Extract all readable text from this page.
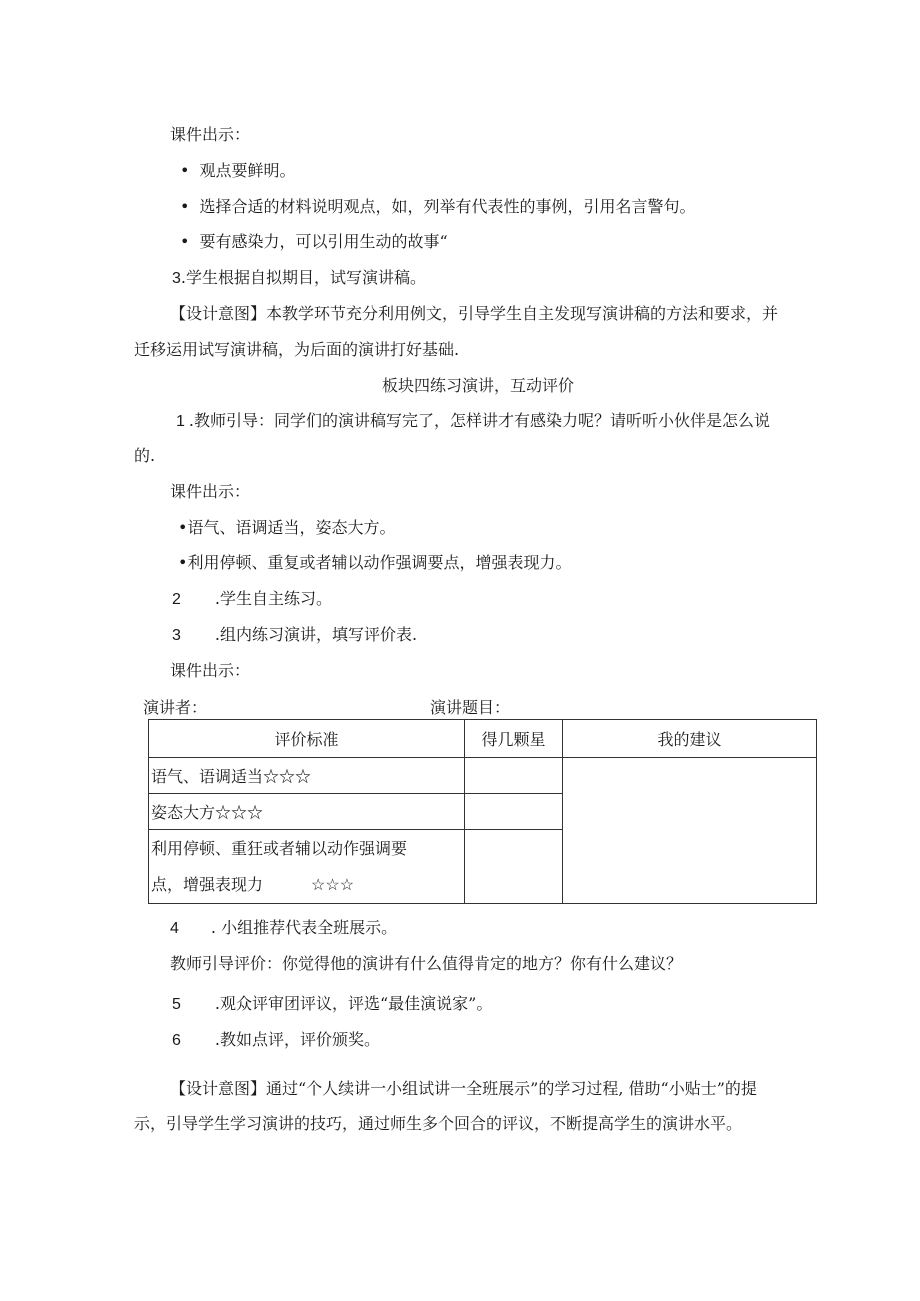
课件出示：
• 观点要鲜明。
• 选择合适的材料说明观点，如，列举有代表性的事例，引用名言警句。
• 要有感染力，可以引用生动的故事“
3.学生根据自拟期目，试写演讲稿。
【设计意图】本教学环节充分利用例文，引导学生自主发现写演讲稿的方法和要求，并
迁移运用试写演讲稿，为后面的演讲打好基础.
板块四练习演讲，互动评价
1 .教师引导：同学们的演讲稿写完了，怎样讲才有感染力呢？请听听小伙伴是怎么说
的.
课件出示：
•语气、语调适当，姿态大方。
•利用停顿、重复或者辅以动作强调要点，增强表现力。
2 .学生自主练习。
3 .组内练习演讲，填写评价表.
课件出示：
演讲者：	演讲题目：
评价标准	得几颗星	我的建议
语气、语调适当☆☆☆		
姿态大方☆☆☆		

利用停顿、重狂或者辅以动作强调要
点，增强表现力 ☆☆☆		

4 . 小组推荐代表全班展示。
教师引导评价：你觉得他的演讲有什么值得肯定的地方？你有什么建议？
5 .观众评审团评议，评选“最佳演说家”。
6 .教如点评，评价颁奖。
【设计意图】通过“个人续讲一小组试讲一全班展示”的学习过程, 借助“小贴士”的提
示，引导学生学习演讲的技巧，通过师生多个回合的评议，不断提高学生的演讲水平。
